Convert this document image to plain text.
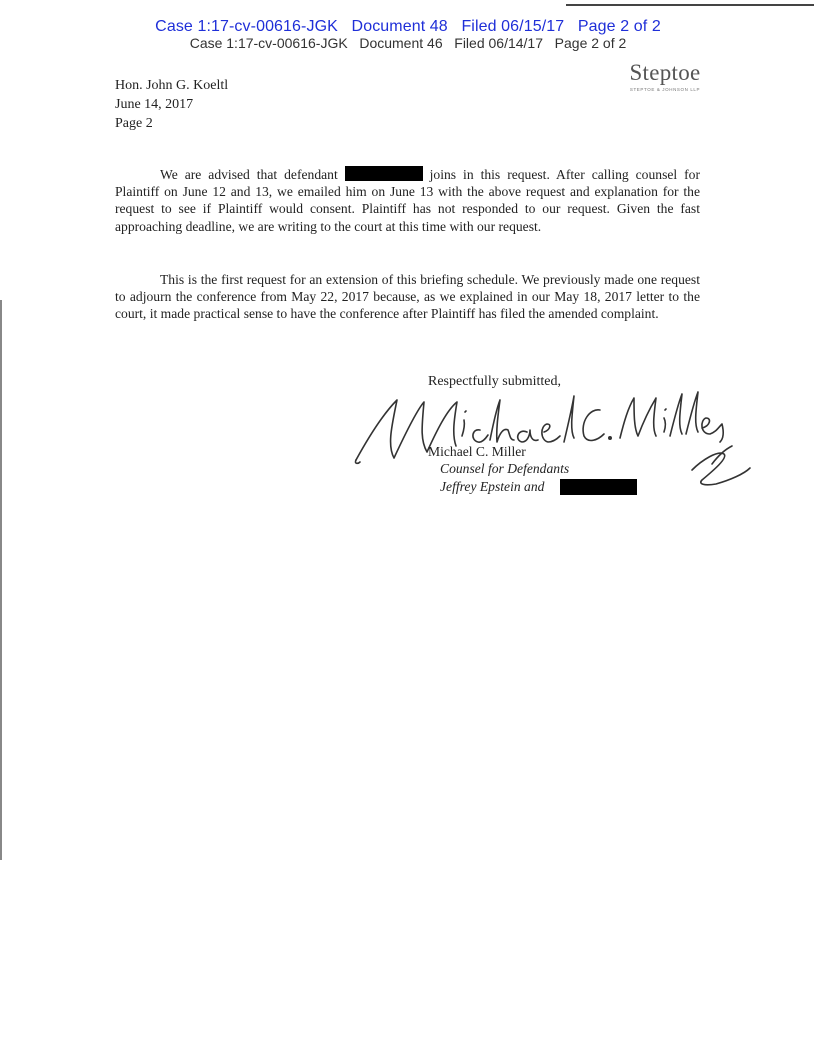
Case 1:17-cv-00616-JGK   Document 48   Filed 06/15/17   Page 2 of 2
Case 1:17-cv-00616-JGK   Document 46   Filed 06/14/17   Page 2 of 2
Steptoe
STEPTOE & JOHNSON LLP
Hon. John G. Koeltl
June 14, 2017
Page 2
We are advised that defendant	joins in this request. After calling counsel for Plaintiff on June 12 and 13, we emailed him on June 13 with the above request and explanation for the request to see if Plaintiff would consent. Plaintiff has not responded to our request. Given the fast approaching deadline, we are writing to the court at this time with our request.
This is the first request for an extension of this briefing schedule. We previously made one request to adjourn the conference from May 22, 2017 because, as we explained in our May 18, 2017 letter to the court, it made practical sense to have the conference after Plaintiff has filed the amended complaint.
Respectfully submitted,
Michael C. Miller
Counsel for Defendants
Jeffrey Epstein and
